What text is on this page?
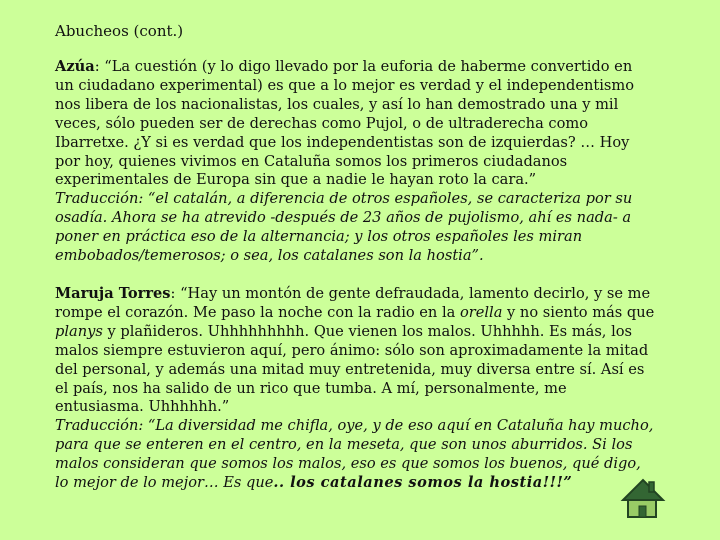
Abucheos (cont.)

Azúa: “La cuestión (y lo digo llevado por la euforia de haberme convertido en un ciudadano experimental) es que a lo mejor es verdad y el independentismo nos libera de los nacionalistas, los cuales, y así lo han demostrado una y mil veces, sólo pueden ser de derechas como Pujol, o de ultraderecha como Ibarretxe. ¿Y si es verdad que los independentistas son de izquierdas? … Hoy por hoy, quienes vivimos en Cataluña somos los primeros ciudadanos experimentales de Europa sin que a nadie le hayan roto la cara.”

Traducción: “el catalán, a diferencia de otros españoles, se caracteriza por su osadía. Ahora se ha atrevido -después de 23 años de pujolismo, ahí es nada- a poner en práctica eso de la alternancia; y los otros españoles les miran embobados/temerosos; o sea, los catalanes son la hostia”.

Maruja Torres: “Hay un montón de gente defraudada, lamento decirlo, y se me rompe el corazón. Me paso la noche con la radio en la orella y no siento más que planys y plañideros. Uhhhhhhhhh. Que vienen los malos. Uhhhhh. Es más, los malos siempre estuvieron aquí, pero ánimo: sólo son aproximadamente la mitad del personal, y además una mitad muy entretenida, muy diversa entre sí. Así es el país, nos ha salido de un rico que tumba. A mí, personalmente, me entusiasma. Uhhhhhh.”

Traducción: “La diversidad me chifla, oye, y de eso aquí en Cataluña hay mucho, para que se enteren en el centro, en la meseta, que son unos aburridos. Si los malos consideran que somos los malos, eso es que somos los buenos, qué digo, lo mejor de lo mejor… Es que.. los catalanes somos la hostia!!!”
